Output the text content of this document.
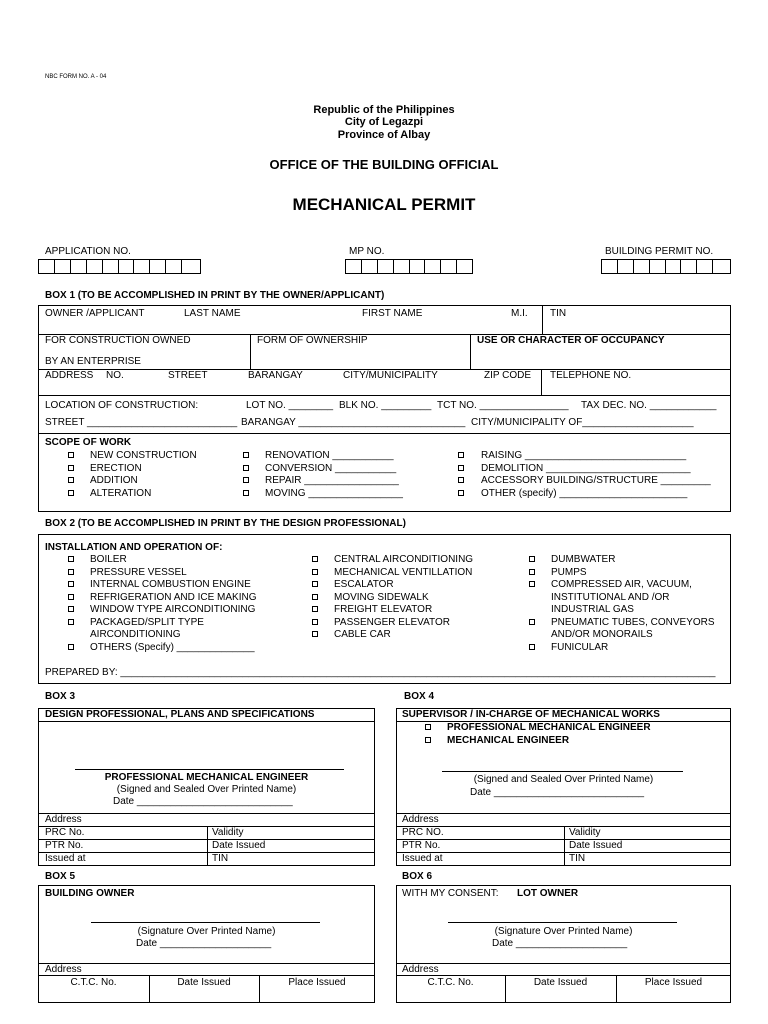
NBC FORM NO. A - 04
Republic of the Philippines
City of Legazpi
Province of Albay
OFFICE OF THE BUILDING OFFICIAL
MECHANICAL PERMIT
APPLICATION NO.	MP NO.	BUILDING PERMIT NO.
BOX 1 (TO BE ACCOMPLISHED IN PRINT BY THE OWNER/APPLICANT)
OWNER /APPLICANT	LAST NAME	FIRST NAME	M.I. TIN
FOR CONSTRUCTION OWNED
BY AN ENTERPRISE
FORM OF OWNERSHIP	USE OR CHARACTER OF OCCUPANCY
ADDRESS NO.	STREET	BARANGAY	CITY/MUNICIPALITY	ZIP CODE TELEPHONE NO.
LOCATION OF CONSTRUCTION:	LOT NO. ________ BLK NO. _________ TCT NO. ________________ TAX DEC. NO. ____________
STREET ___________________________ BARANGAY ______________________________ CITY/MUNICIPALITY OF____________________
SCOPE OF WORK
NEW CONSTRUCTION
ERECTION
ADDITION
ALTERATION
RENOVATION ___________
CONVERSION ___________
REPAIR _________________
MOVING _________________
RAISING _____________________________
DEMOLITION __________________________
ACCESSORY BUILDING/STRUCTURE _________
OTHER (specify) _______________________
BOX 2 (TO BE ACCOMPLISHED IN PRINT BY THE DESIGN PROFESSIONAL)
INSTALLATION AND OPERATION OF:
BOILER
PRESSURE VESSEL
INTERNAL COMBUSTION ENGINE
REFRIGERATION AND ICE MAKING
WINDOW TYPE AIRCONDITIONING
PACKAGED/SPLIT TYPE
AIRCONDITIONING
OTHERS (Specify) ______________
CENTRAL AIRCONDITIONING
MECHANICAL VENTILLATION
ESCALATOR
MOVING SIDEWALK
FREIGHT ELEVATOR
PASSENGER ELEVATOR
CABLE CAR
DUMBWATER
PUMPS
COMPRESSED AIR, VACUUM,
INSTITUTIONAL AND /OR
INDUSTRIAL GAS
PNEUMATIC TUBES, CONVEYORS
AND/OR MONORAILS
FUNICULAR
PREPARED BY: ___________________________________________________________________________________________________________
BOX 3
DESIGN PROFESSIONAL, PLANS AND SPECIFICATIONS
PROFESSIONAL MECHANICAL ENGINEER
(Signed and Sealed Over Printed Name)
Date ____________________________
Address
PRC No.	Validity
PTR No.	Date Issued
Issued at	TIN
BOX 4
SUPERVISOR / IN-CHARGE OF MECHANICAL WORKS
PROFESSIONAL MECHANICAL ENGINEER
MECHANICAL ENGINEER
(Signed and Sealed Over Printed Name)
Date ___________________________
Address
PRC NO.	Validity
PTR No.	Date Issued
Issued at	TIN
BOX 5
BUILDING OWNER
(Signature Over Printed Name)
Date ____________________
Address
C.T.C. No.	Date Issued	Place Issued
BOX 6
WITH MY CONSENT: LOT OWNER
(Signature Over Printed Name)
Date ____________________
Address
C.T.C. No.	Date Issued	Place Issued
